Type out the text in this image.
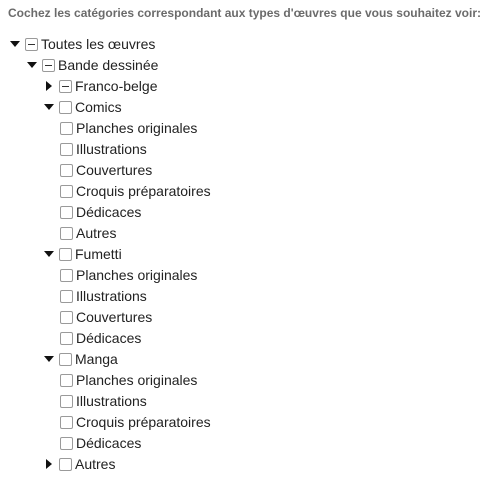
Cochez les catégories correspondant aux types d'œuvres que vous souhaitez voir:
Toutes les œuvres
Bande dessinée
Franco-belge
Comics
Planches originales
Illustrations
Couvertures
Croquis préparatoires
Dédicaces
Autres
Fumetti
Planches originales
Illustrations
Couvertures
Dédicaces
Manga
Planches originales
Illustrations
Croquis préparatoires
Dédicaces
Autres
